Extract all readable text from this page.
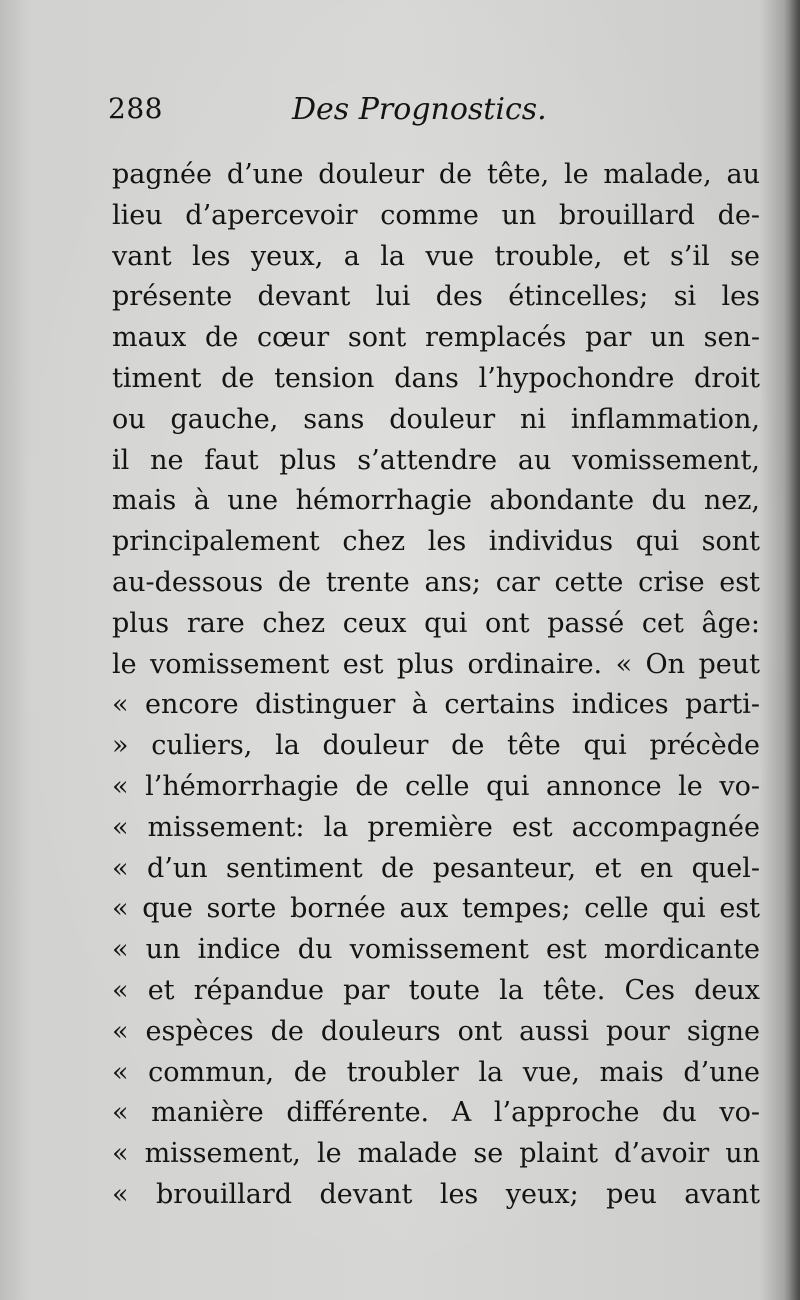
288	Des Prognostics.
pagnée d’une douleur de tête, le malade, au
lieu d’apercevoir comme un brouillard de-
vant les yeux, a la vue trouble, et s’il se
présente devant lui des étincelles; si les
maux de cœur sont remplacés par un sen-
timent de tension dans l’hypochondre droit
ou gauche, sans douleur ni inflammation,
il ne faut plus s’attendre au vomissement,
mais à une hémorrhagie abondante du nez,
principalement chez les individus qui sont
au-dessous de trente ans; car cette crise est
plus rare chez ceux qui ont passé cet âge:
le vomissement est plus ordinaire. « On peut
« encore distinguer à certains indices parti-
» culiers, la douleur de tête qui précède
« l’hémorrhagie de celle qui annonce le vo-
« missement: la première est accompagnée
« d’un sentiment de pesanteur, et en quel-
« que sorte bornée aux tempes; celle qui est
« un indice du vomissement est mordicante
« et répandue par toute la tête. Ces deux
« espèces de douleurs ont aussi pour signe
« commun, de troubler la vue, mais d’une
« manière différente. A l’approche du vo-
« missement, le malade se plaint d’avoir un
« brouillard devant les yeux; peu avant
